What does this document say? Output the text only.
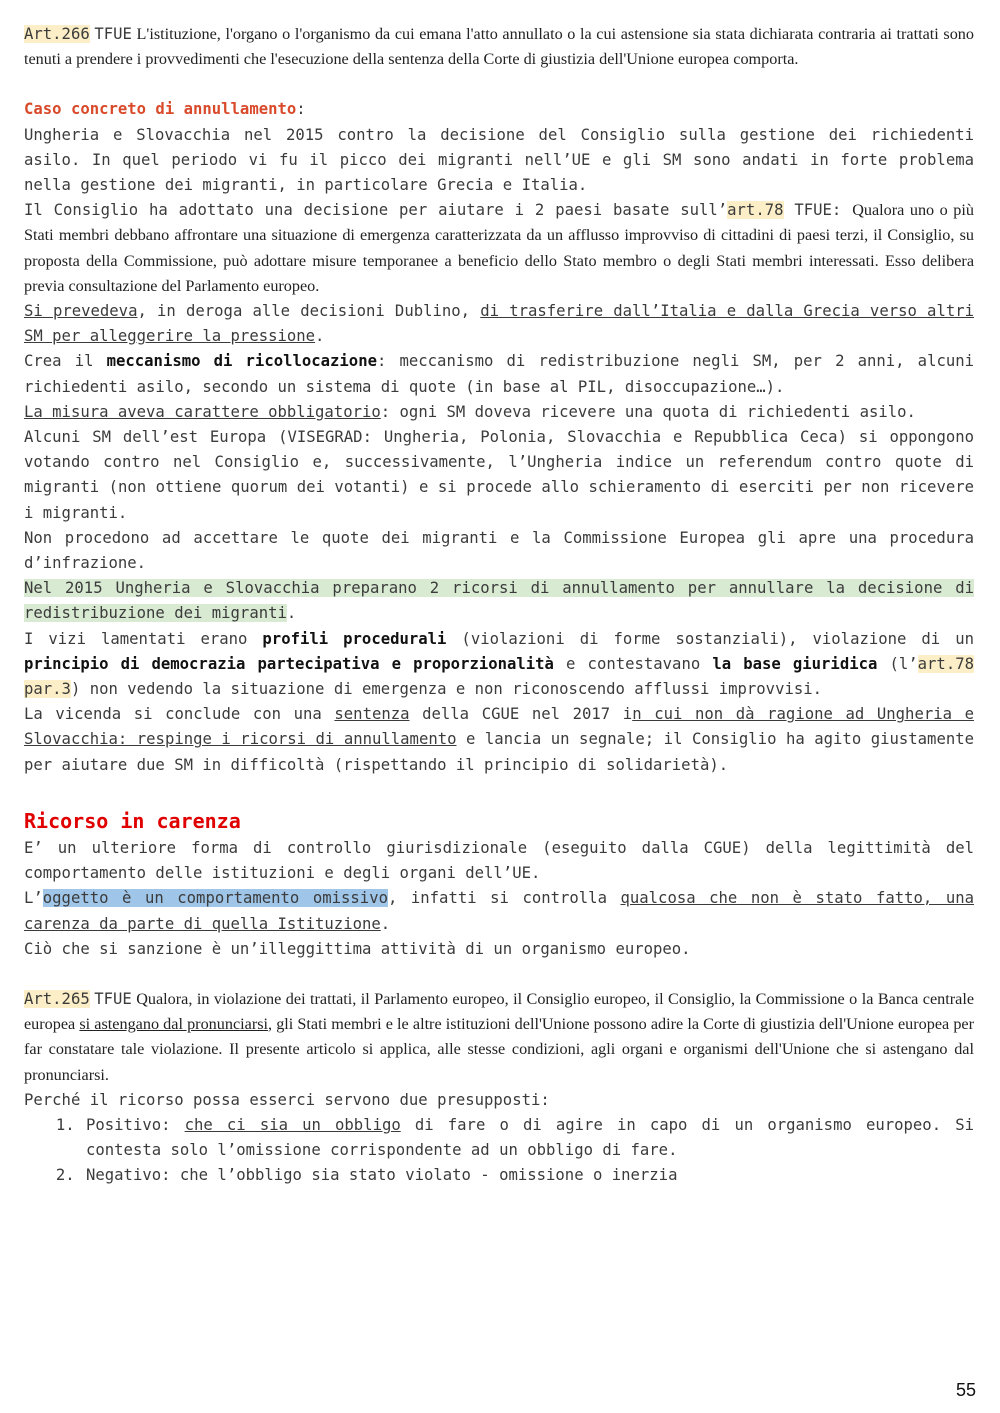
Art.266 TFUE L'istituzione, l'organo o l'organismo da cui emana l'atto annullato o la cui astensione sia stata dichiarata contraria ai trattati sono tenuti a prendere i provvedimenti che l'esecuzione della sentenza della Corte di giustizia dell'Unione europea comporta.

Caso concreto di annullamento:

Ungheria e Slovacchia nel 2015 contro la decisione del Consiglio sulla gestione dei richiedenti asilo. In quel periodo vi fu il picco dei migranti nell’UE e gli SM sono andati in forte problema nella gestione dei migranti, in particolare Grecia e Italia.

Il Consiglio ha adottato una decisione per aiutare i 2 paesi basate sull’art.78 TFUE: Qualora uno o più Stati membri debbano affrontare una situazione di emergenza caratterizzata da un afflusso improvviso di cittadini di paesi terzi, il Consiglio, su proposta della Commissione, può adottare misure temporanee a beneficio dello Stato membro o degli Stati membri interessati. Esso delibera previa consultazione del Parlamento europeo.

Si prevedeva, in deroga alle decisioni Dublino, di trasferire dall’Italia e dalla Grecia verso altri SM per alleggerire la pressione.

Crea il meccanismo di ricollocazione: meccanismo di redistribuzione negli SM, per 2 anni, alcuni richiedenti asilo, secondo un sistema di quote (in base al PIL, disoccupazione…).

La misura aveva carattere obbligatorio: ogni SM doveva ricevere una quota di richiedenti asilo.

Alcuni SM dell’est Europa (VISEGRAD: Ungheria, Polonia, Slovacchia e Repubblica Ceca) si oppongono votando contro nel Consiglio e, successivamente, l’Ungheria indice un referendum contro quote di migranti (non ottiene quorum dei votanti) e si procede allo schieramento di eserciti per non ricevere i migranti.

Non procedono ad accettare le quote dei migranti e la Commissione Europea gli apre una procedura d’infrazione.

Nel 2015 Ungheria e Slovacchia preparano 2 ricorsi di annullamento per annullare la decisione di redistribuzione dei migranti.

I vizi lamentati erano profili procedurali (violazioni di forme sostanziali), violazione di un principio di democrazia partecipativa e proporzionalità e contestavano la base giuridica (l’art.78 par.3) non vedendo la situazione di emergenza e non riconoscendo afflussi improvvisi.

La vicenda si conclude con una sentenza della CGUE nel 2017 in cui non dà ragione ad Ungheria e Slovacchia: respinge i ricorsi di annullamento e lancia un segnale; il Consiglio ha agito giustamente per aiutare due SM in difficoltà (rispettando il principio di solidarietà).

Ricorso in carenza

E’ un ulteriore forma di controllo giurisdizionale (eseguito dalla CGUE) della legittimità del comportamento delle istituzioni e degli organi dell’UE.

L’oggetto è un comportamento omissivo, infatti si controlla qualcosa che non è stato fatto, una carenza da parte di quella Istituzione.

Ciò che si sanzione è un’illeggittima attività di un organismo europeo.

Art.265 TFUE Qualora, in violazione dei trattati, il Parlamento europeo, il Consiglio europeo, il Consiglio, la Commissione o la Banca centrale europea si astengano dal pronunciarsi, gli Stati membri e le altre istituzioni dell'Unione possono adire la Corte di giustizia dell'Unione europea per far constatare tale violazione. Il presente articolo si applica, alle stesse condizioni, agli organi e organismi dell'Unione che si astengano dal pronunciarsi.

Perché il ricorso possa esserci servono due presupposti:

1. Positivo: che ci sia un obbligo di fare o di agire in capo di un organismo europeo. Si contesta solo l’omissione corrispondente ad un obbligo di fare.
2. Negativo: che l’obbligo sia stato violato - omissione o inerzia
55
